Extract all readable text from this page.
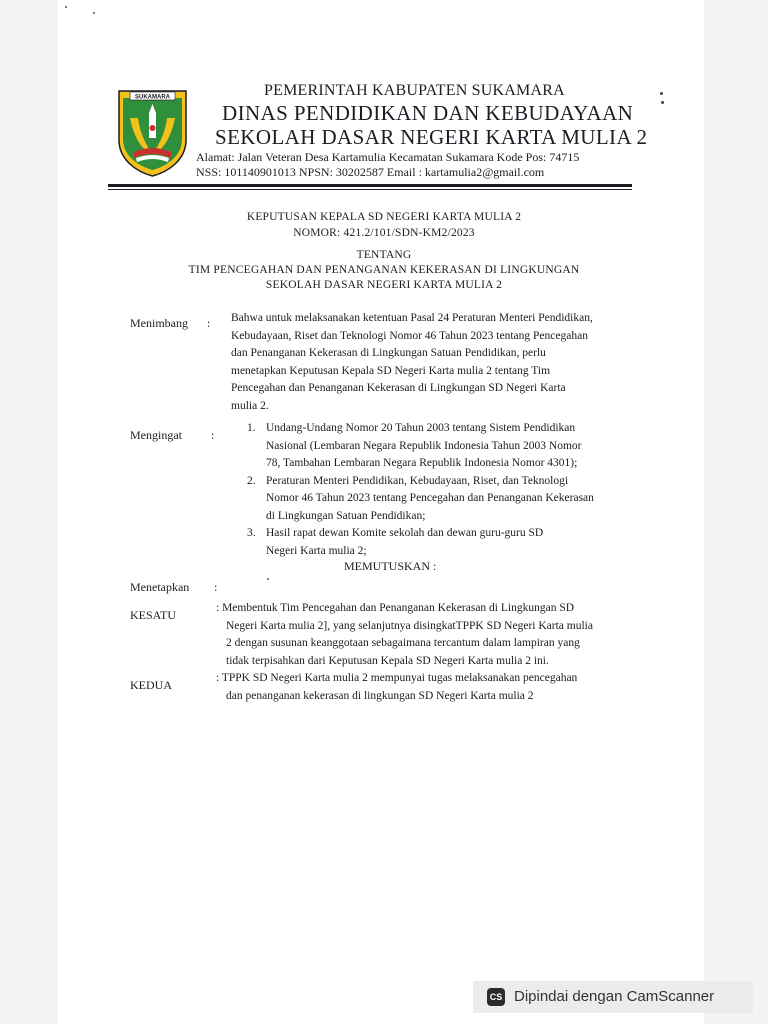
SUKAMARA	PEMERINTAH KABUPATEN SUKAMARA
DINAS PENDIDIKAN DAN KEBUDAYAAN
SEKOLAH DASAR NEGERI KARTA MULIA 2
Alamat: Jalan Veteran Desa Kartamulia Kecamatan Sukamara Kode Pos: 74715
NSS: 101140901013 NPSN: 30202587 Email : kartamulia2@gmail.com
KEPUTUSAN KEPALA SD NEGERI KARTA MULIA 2
NOMOR: 421.2/101/SDN-KM2/2023
TENTANG
TIM PENCEGAHAN DAN PENANGANAN KEKERASAN DI LINGKUNGAN
SEKOLAH DASAR NEGERI KARTA MULIA 2
Menimbang : Bahwa untuk melaksanakan ketentuan Pasal 24 Peraturan Menteri Pendidikan,

Kebudayaan, Riset dan Teknologi Nomor 46 Tahun 2023 tentang Pencegahan

dan Penanganan Kekerasan di Lingkungan Satuan Pendidikan, perlu

menetapkan Keputusan Kepala SD Negeri Karta mulia 2 tentang Tim

Pencegahan dan Penanganan Kekerasan di Lingkungan SD Negeri Karta

mulia 2.

Mengingat :	1. Undang-Undang Nomor 20 Tahun 2003 tentang Sistem Pendidikan
Nasional (Lembaran Negara Republik Indonesia Tahun 2003 Nomor
78, Tambahan Lembaran Negara Republik Indonesia Nomor 4301);
2. Peraturan Menteri Pendidikan, Kebudayaan, Riset, dan Teknologi
Nomor 46 Tahun 2023 tentang Pencegahan dan Penanganan Kekerasan
di Lingkungan Satuan Pendidikan;
3. Hasil rapat dewan Komite sekolah dan dewan guru-guru SD
Negeri Karta mulia 2;
MEMUTUSKAN :
Menetapkan :
KESATU	: Membentuk Tim Pencegahan dan Penanganan Kekerasan di Lingkungan SD
Negeri Karta mulia 2], yang selanjutnya disingkatTPPK SD Negeri Karta mulia
2 dengan susunan keanggotaan sebagaimana tercantum dalam lampiran yang
tidak terpisahkan dari Keputusan Kepala SD Negeri Karta mulia 2 ini.
KEDUA	: TPPK SD Negeri Karta mulia 2 mempunyai tugas melaksanakan pencegahan
dan penanganan kekerasan di lingkungan SD Negeri Karta mulia 2
CS Dipindai dengan CamScanner
